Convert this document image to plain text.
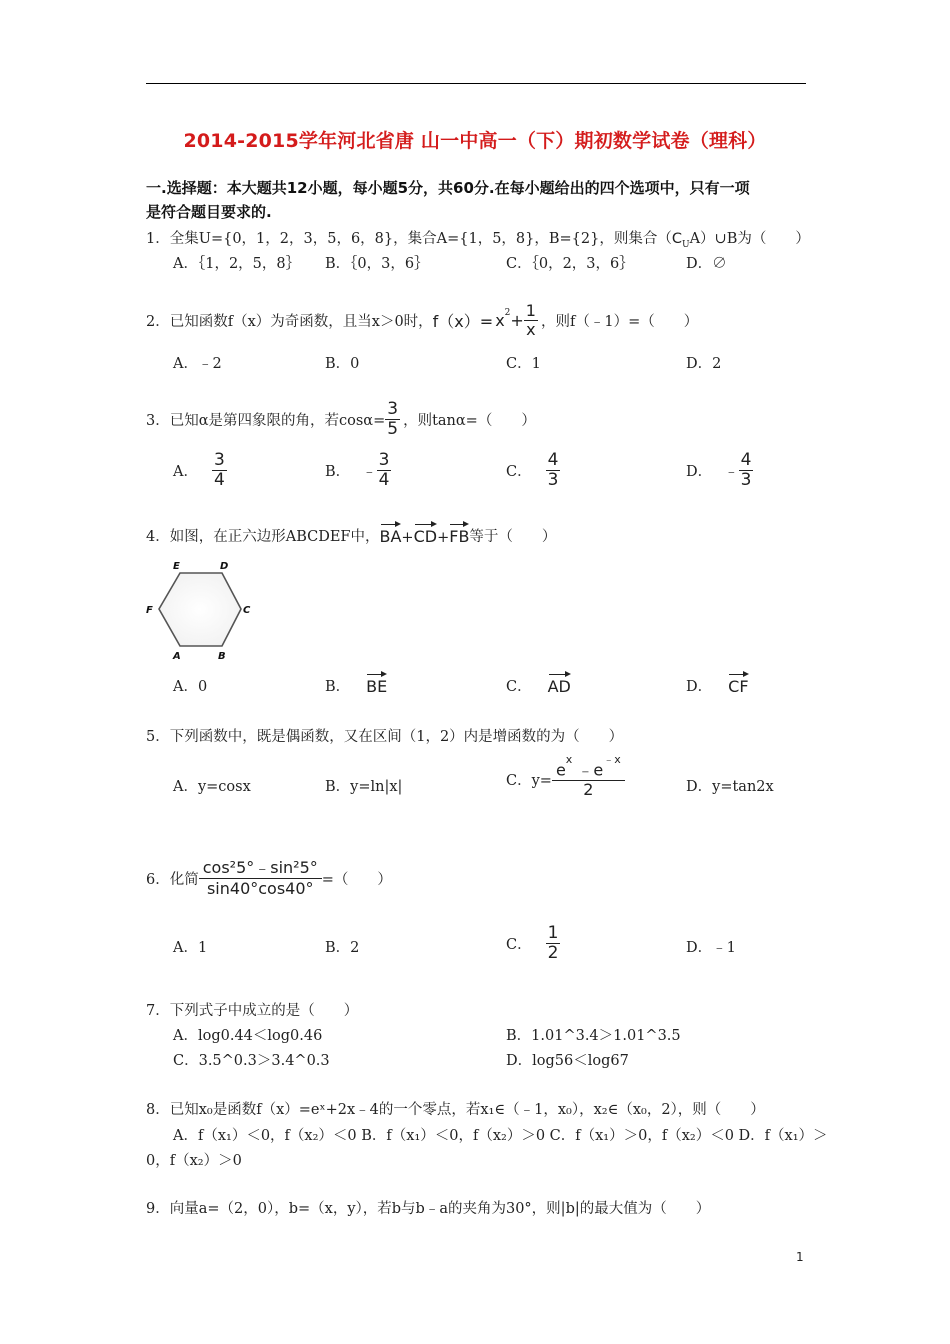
2014-2015学年河北省唐 山一中高一（下）期初数学试卷（理科）
一.选择题：本大题共12小题，每小题5分，共60分.在每小题给出的四个选项中，只有一项
是符合题目要求的.
1．全集U={0，1，2，3，5，6，8}，集合A={1，5，8}，B={2}，则集合$(C_UA)\cup B$为（　　）
A．｛1，2，5，8｝ B．｛0，3，6｝	C．｛0，2，3，6｝	D．∅
2．已知函数f（x）为奇函数，且当x＞0时， $f(x)= x^2 + \frac{1}{x}$ ，则f（﹣1）=（　　）
A．﹣2	B．0	C．1	D．2
3．已知α是第四象限的角，若$\cos\alpha= \frac{3}{5}$ ，则tanα=（　　）
A． $\frac{3}{4}$	B． ﹣ $\frac{3}{4}$	C． $\frac{4}{3}$	D． ﹣ $\frac{4}{3}$
4．如图，在正六边形ABCDEF中， BA + CD + FB 等于（　　）
E	D
F	C
A	B
A．0	B． BE	C． AD	D． CF
5．下列函数中，既是偶函数，又在区间（1，2）内是增函数的为（　　）
A．y=cosx	B．y=ln|x|	C．$y= \frac{e^x ﹣e^{﹣x}}{2}$	D．y=tan2x
6．化简 $\frac{\text{cos²5°﹣sin²5°}}{\sin 40^\circ\cos 40^\circ}$ =（　　）
A．1	B．2	C． $\frac{1}{2}$	D．﹣1
7．下列式子中成立的是（　　）
A．log0.44＜log0.46	B．1.01^3.4＞1.01^3.5
C．3.5^0.3＞3.4^0.3	D．log56＜log67
8．已知x₀是函数f（x）=eˣ+2x﹣4的一个零点，若x₁∈（﹣1，x₀），x₂∈（x₀，2），则（　　）
A．f（x₁）＜0，f（x₂）＜0 B．f（x₁）＜0，f（x₂）＞0 C．f（x₁）＞0，f（x₂）＜0 D．f（x₁）＞
0，f（x₂）＞0
9．向量a=（2，0），b=（x，y），若b与b﹣a的夹角为30°，则|b|的最大值为（　　）
1
